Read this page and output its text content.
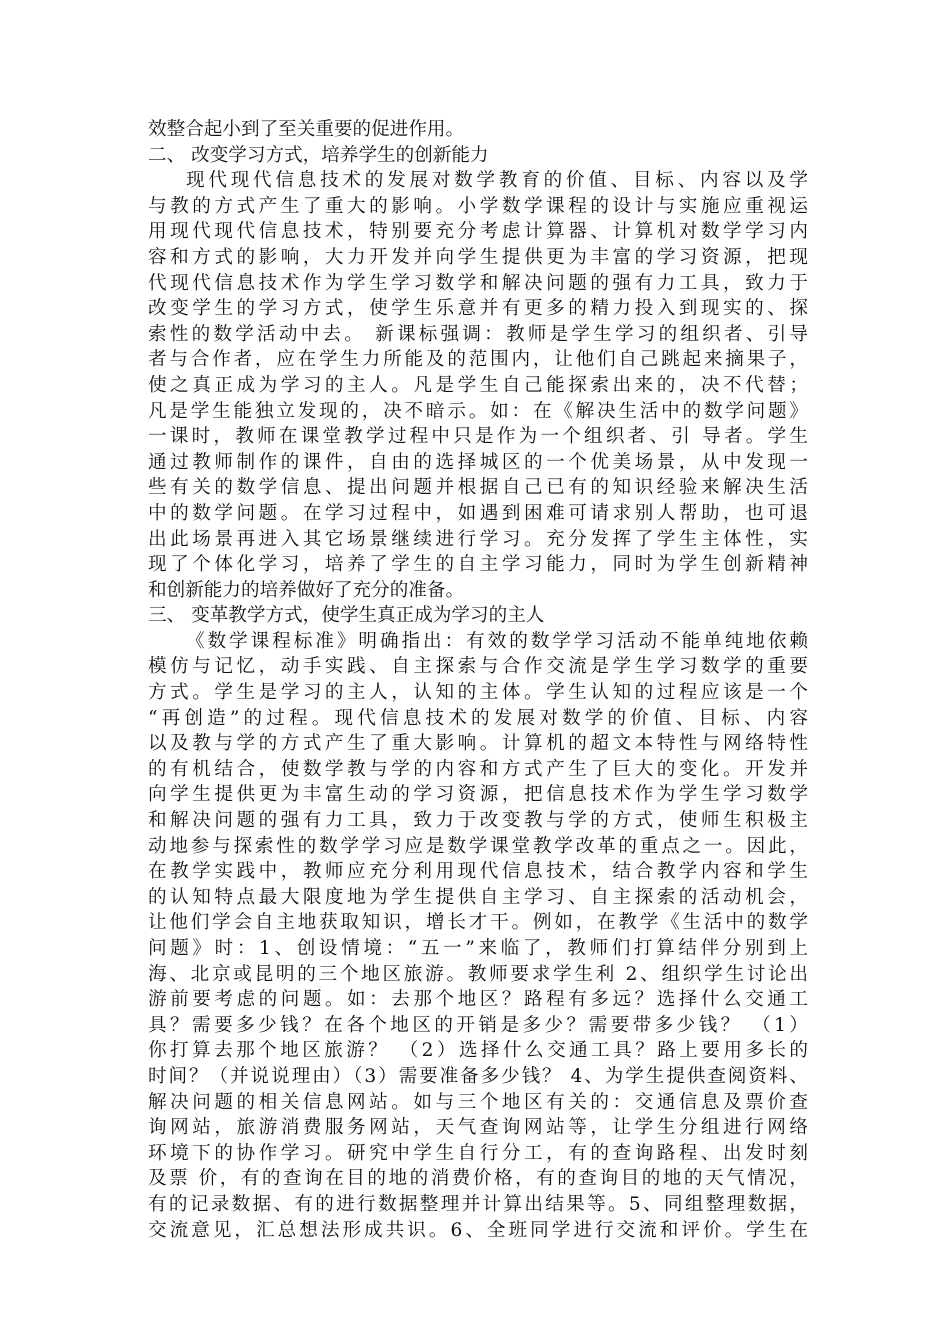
效整合起小到了至关重要的促进作用。
二、 改变学习方式，培养学生的创新能力
现代现代信息技术的发展对数学教育的价值、目标、内容以及学
与教的方式产生了重大的影响。小学数学课程的设计与实施应重视运
用现代现代信息技术，特别要充分考虑计算器、计算机对数学学习内
容和方式的影响，大力开发并向学生提供更为丰富的学习资源，把现
代现代信息技术作为学生学习数学和解决问题的强有力工具，致力于
改变学生的学习方式，使学生乐意并有更多的精力投入到现实的、探
索性的数学活动中去。 新课标强调：教师是学生学习的组织者、引导
者与合作者，应在学生力所能及的范围内，让他们自己跳起来摘果子，
使之真正成为学习的主人。凡是学生自己能探索出来的，决不代替；
凡是学生能独立发现的，决不暗示。如：在《解决生活中的数学问题》
一课时，教师在课堂教学过程中只是作为一个组织者、引 导者。学生
通过教师制作的课件，自由的选择城区的一个优美场景，从中发现一
些有关的数学信息、提出问题并根据自己已有的知识经验来解决生活
中的数学问题。在学习过程中，如遇到困难可请求别人帮助，也可退
出此场景再进入其它场景继续进行学习。充分发挥了学生主体性，实
现了个体化学习，培养了学生的自主学习能力，同时为学生创新精神
和创新能力的培养做好了充分的准备。
三、 变革教学方式，使学生真正成为学习的主人
《数学课程标准》明确指出：有效的数学学习活动不能单纯地依赖
模仿与记忆，动手实践、自主探索与合作交流是学生学习数学的重要
方式。学生是学习的主人，认知的主体。学生认知的过程应该是一个
“再创造”的过程。现代信息技术的发展对数学的价值、目标、内容
以及教与学的方式产生了重大影响。计算机的超文本特性与网络特性
的有机结合，使数学教与学的内容和方式产生了巨大的变化。开发并
向学生提供更为丰富生动的学习资源，把信息技术作为学生学习数学
和解决问题的强有力工具，致力于改变教与学的方式，使师生积极主
动地参与探索性的数学学习应是数学课堂教学改革的重点之一。因此，
在教学实践中，教师应充分利用现代信息技术，结合教学内容和学生
的认知特点最大限度地为学生提供自主学习、自主探索的活动机会，
让他们学会自主地获取知识，增长才干。例如，在教学《生活中的数学
问题》时：1、创设情境：“五一”来临了，教师们打算结伴分别到上
海、北京或昆明的三个地区旅游。教师要求学生利 2、组织学生讨论出
游前要考虑的问题。如：去那个地区？路程有多远？选择什么交通工
具？需要多少钱？在各个地区的开销是多少？需要带多少钱？ （1）
你打算去那个地区旅游？ （2）选择什么交通工具？路上要用多长的
时间？（并说说理由）（3）需要准备多少钱？ 4、为学生提供查阅资料、
解决问题的相关信息网站。如与三个地区有关的：交通信息及票价查
询网站，旅游消费服务网站，天气查询网站等，让学生分组进行网络
环境下的协作学习。研究中学生自行分工，有的查询路程、出发时刻
及票 价，有的查询在目的地的消费价格，有的查询目的地的天气情况，
有的记录数据、有的进行数据整理并计算出结果等。5、同组整理数据，
交流意见，汇总想法形成共识。6、全班同学进行交流和评价。学生在
